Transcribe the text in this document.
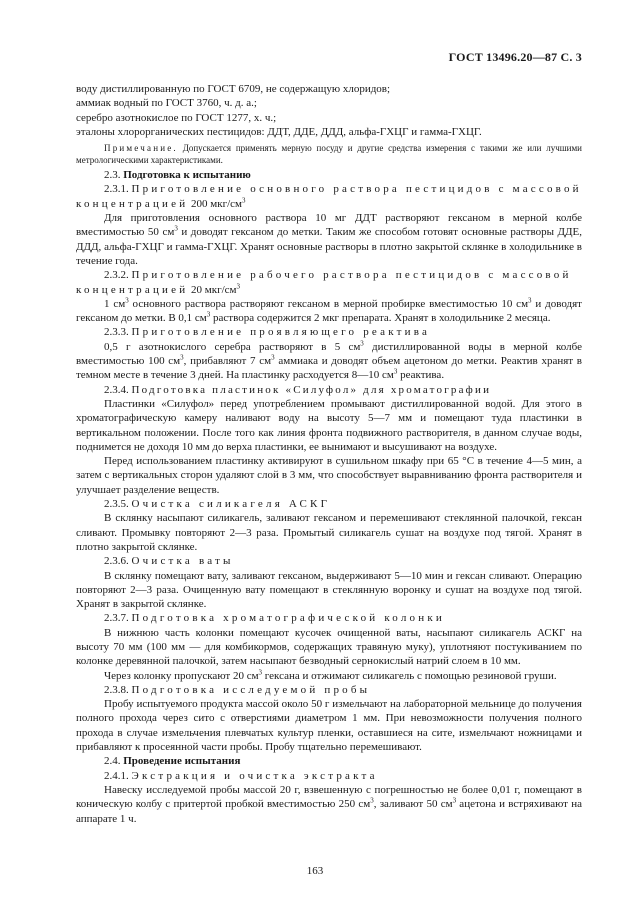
ГОСТ 13496.20—87 С. 3

воду дистиллированную по ГОСТ 6709, не содержащую хлоридов;

аммиак водный по ГОСТ 3760, ч. д. а.;

серебро азотнокислое по ГОСТ 1277, х. ч.;

эталоны хлорорганических пестицидов: ДДТ, ДДЕ, ДДД, альфа-ГХЦГ и гамма-ГХЦГ.

Примечание. Допускается применять мерную посуду и другие средства измерения с такими же или лучшими метрологическими характеристиками.

2.3. Подготовка к испытанию

2.3.1. Приготовление основного раствора пестицидов с массовой концентрацией 200 мкг/$см^3$

Для приготовления основного раствора 10 мг ДДТ растворяют гексаном в мерной колбе вместимостью 50 $см^3$ и доводят гексаном до метки. Таким же способом готовят основные растворы ДДЕ, ДДД, альфа-ГХЦГ и гамма-ГХЦГ. Хранят основные растворы в плотно закрытой склянке в холодильнике в течение года.

2.3.2. Приготовление рабочего раствора пестицидов с массовой концентрацией 20 мкг/$см^3$

1 $см^3$ основного раствора растворяют гексаном в мерной пробирке вместимостью 10 $см^3$ и доводят гексаном до метки. В 0,1 $см^3$ раствора содержится 2 мкг препарата. Хранят в холодильнике 2 месяца.

2.3.3. Приготовление проявляющего реактива

0,5 г азотнокислого серебра растворяют в 5 $см^3$ дистиллированной воды в мерной колбе вместимостью 100 $см^3$, прибавляют 7 $см^3$ аммиака и доводят объем ацетоном до метки. Реактив хранят в темном месте в течение 3 дней. На пластинку расходуется 8—10 $см^3$ реактива.

2.3.4. Подготовка пластинок «Силуфол» для хроматографии

Пластинки «Силуфол» перед употреблением промывают дистиллированной водой. Для этого в хроматографическую камеру наливают воду на высоту 5—7 мм и помещают туда пластинки в вертикальном положении. После того как линия фронта подвижного растворителя, в данном случае воды, поднимется не доходя 10 мм до верха пластинки, ее вынимают и высушивают на воздухе.

Перед использованием пластинку активируют в сушильном шкафу при 65 °С в течение 4—5 мин, а затем с вертикальных сторон удаляют слой в 3 мм, что способствует выравниванию фронта растворителя и улучшает разделение веществ.

2.3.5. Очистка силикагеля АСКГ

В склянку насыпают силикагель, заливают гексаном и перемешивают стеклянной палочкой, гексан сливают. Промывку повторяют 2—3 раза. Промытый силикагель сушат на воздухе под тягой. Хранят в плотно закрытой склянке.

2.3.6. Очистка ваты

В склянку помещают вату, заливают гексаном, выдерживают 5—10 мин и гексан сливают. Операцию повторяют 2—3 раза. Очищенную вату помещают в стеклянную воронку и сушат на воздухе под тягой. Хранят в закрытой склянке.

2.3.7. Подготовка хроматографической колонки

В нижнюю часть колонки помещают кусочек очищенной ваты, насыпают силикагель АСКГ на высоту 70 мм (100 мм — для комбикормов, содержащих травяную муку), уплотняют постукиванием по колонке деревянной палочкой, затем насыпают безводный сернокислый натрий слоем в 10 мм.

Через колонку пропускают 20 $см^3$ гексана и отжимают силикагель с помощью резиновой груши.

2.3.8. Подготовка исследуемой пробы

Пробу испытуемого продукта массой около 50 г измельчают на лабораторной мельнице до получения полного прохода через сито с отверстиями диаметром 1 мм. При невозможности получения полного прохода в случае измельчения плевчатых культур пленки, оставшиеся на сите, измельчают ножницами и прибавляют к просеянной части пробы. Пробу тщательно перемешивают.

2.4. Проведение испытания

2.4.1. Экстракция и очистка экстракта

Навеску исследуемой пробы массой 20 г, взвешенную с погрешностью не более 0,01 г, помещают в коническую колбу с притертой пробкой вместимостью 250 $см^3$, заливают 50 $см^3$ ацетона и встряхивают на аппарате 1 ч.

163
